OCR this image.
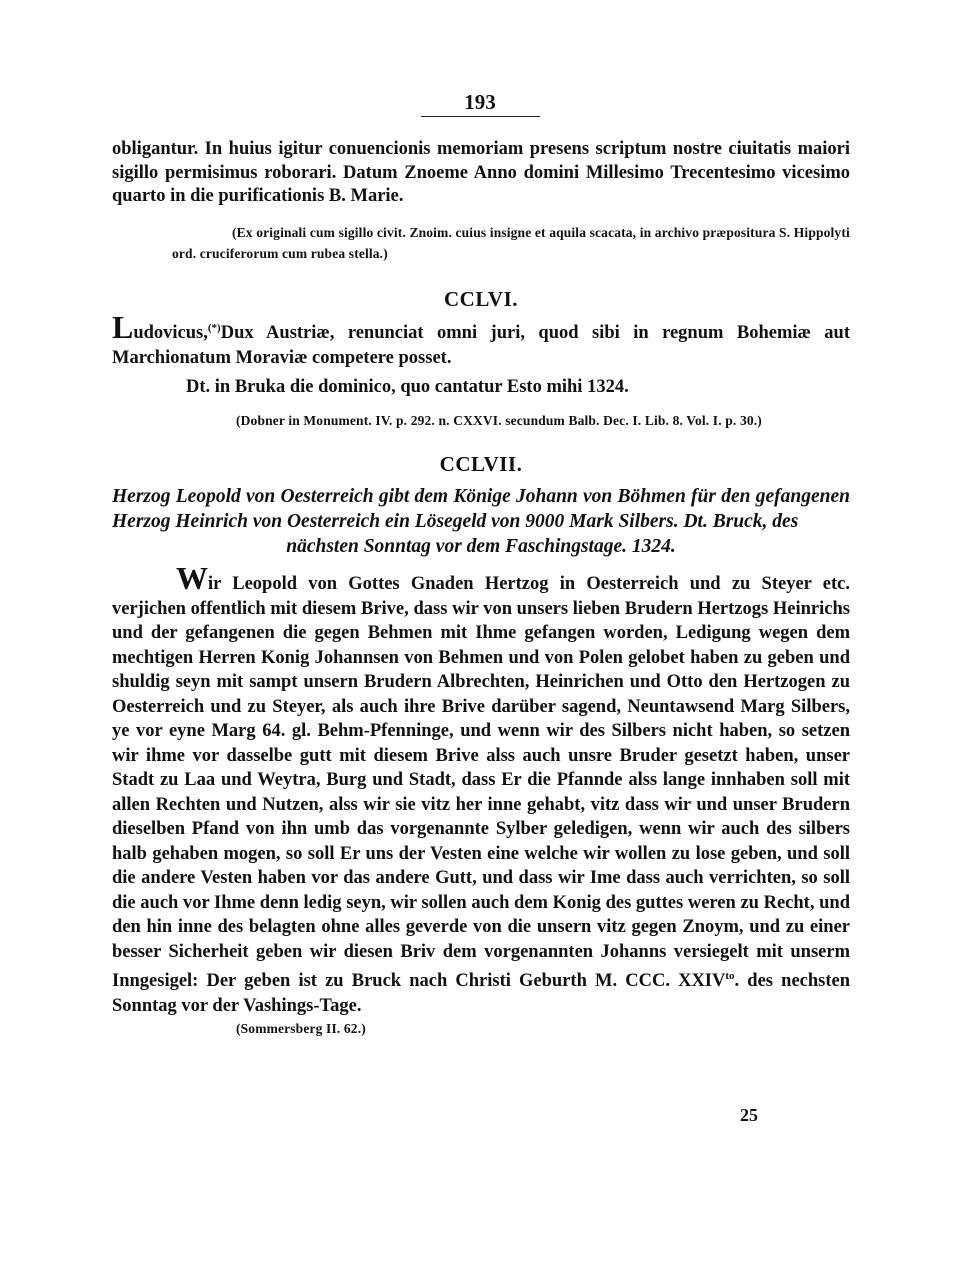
193

obligantur. In huius igitur conuencionis memoriam presens scriptum nostre ciuitatis maiori sigillo permisimus roborari. Datum Znoeme Anno domini Millesimo Trecentesimo vicesimo quarto in die purificationis B. Marie.

(Ex originali cum sigillo civit. Znoim. cuius insigne et aquila scacata, in archivo præpositura S. Hippolyti ord. cruciferorum cum rubea stella.)

CCLVI.

Ludovicus,(*)Dux Austriæ, renunciat omni juri, quod sibi in regnum Bohemiæ aut Marchionatum Moraviæ competere posset.

Dt. in Bruka die dominico, quo cantatur Esto mihi 1324.

(Dobner in Monument. IV. p. 292. n. CXXVI. secundum Balb. Dec. I. Lib. 8. Vol. I. p. 30.)

CCLVII.

Herzog Leopold von Oesterreich gibt dem Könige Johann von Böhmen für den gefangenen Herzog Heinrich von Oesterreich ein Lösegeld von 9000 Mark Silbers. Dt. Bruck, des
nächsten Sonntag vor dem Faschingstage. 1324.

Wir Leopold von Gottes Gnaden Hertzog in Oesterreich und zu Steyer etc. verjichen offentlich mit diesem Brive, dass wir von unsers lieben Brudern Hertzogs Heinrichs und der gefangenen die gegen Behmen mit Ihme gefangen worden, Ledigung wegen dem mechtigen Herren Konig Johannsen von Behmen und von Polen gelobet haben zu geben und shuldig seyn mit sampt unsern Brudern Albrechten, Heinrichen und Otto den Hertzogen zu Oesterreich und zu Steyer, als auch ihre Brive darüber sagend, Neuntawsend Marg Silbers, ye vor eyne Marg 64. gl. Behm-Pfenninge, und wenn wir des Silbers nicht haben, so setzen wir ihme vor dasselbe gutt mit diesem Brive alss auch unsre Bruder gesetzt haben, unser Stadt zu Laa und Weytra, Burg und Stadt, dass Er die Pfannde alss lange innhaben soll mit allen Rechten und Nutzen, alss wir sie vitz her inne gehabt, vitz dass wir und unser Brudern dieselben Pfand von ihn umb das vorgenannte Sylber geledigen, wenn wir auch des silbers halb gehaben mogen, so soll Er uns der Vesten eine welche wir wollen zu lose geben, und soll die andere Vesten haben vor das andere Gutt, und dass wir Ime dass auch verrichten, so soll die auch vor Ihme denn ledig seyn, wir sollen auch dem Konig des guttes weren zu Recht, und den hin inne des belagten ohne alles geverde von die unsern vitz gegen Znoym, und zu einer besser Sicherheit geben wir diesen Briv dem vorgenannten Johanns versiegelt mit unserm Inngesigel: Der geben ist zu Bruck nach Christi Geburth M. CCC. $XXIV^{to}$. des nechsten Sonntag vor der Vashings-Tage.

(Sommersberg II. 62.)

25
